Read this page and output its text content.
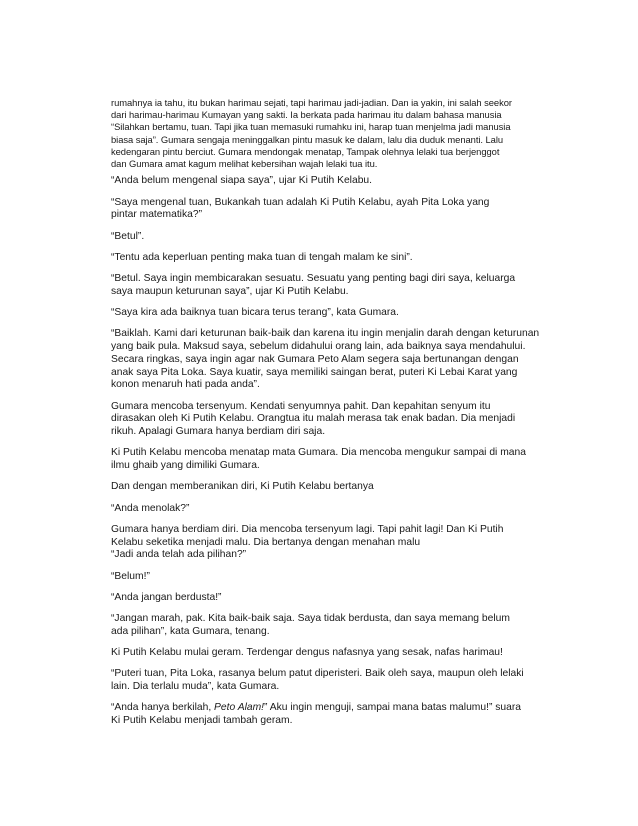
rumahnya ia tahu, itu bukan harimau sejati, tapi harimau jadi-jadian. Dan ia yakin, ini salah seekor

dari harimau-harimau Kumayan yang sakti. Ia berkata pada harimau itu dalam bahasa manusia

“Silahkan bertamu, tuan. Tapi jika tuan memasuki rumahku ini, harap tuan menjelma jadi manusia

biasa saja”. Gumara sengaja meninggalkan pintu masuk ke dalam, lalu dia duduk menanti. Lalu

kedengaran pintu berciut. Gumara mendongak menatap, Tampak olehnya lelaki tua berjenggot

dan Gumara amat kagum melihat kebersihan wajah lelaki tua itu.

“Anda belum mengenal siapa saya”, ujar Ki Putih Kelabu.
“Saya mengenal tuan, Bukankah tuan adalah Ki Putih Kelabu, ayah Pita Loka yang
pintar matematika?”
“Betul”.
“Tentu ada keperluan penting maka tuan di tengah malam ke sini”.
“Betul. Saya ingin membicarakan sesuatu. Sesuatu yang penting bagi diri saya, keluarga
saya maupun keturunan saya”, ujar Ki Putih Kelabu.
“Saya kira ada baiknya tuan bicara terus terang”, kata Gumara.
“Baiklah. Kami dari keturunan baik-baik dan karena itu ingin menjalin darah dengan keturunan
yang baik pula. Maksud saya, sebelum didahului orang lain, ada baiknya saya mendahului.
Secara ringkas, saya ingin agar nak Gumara Peto Alam segera saja bertunangan dengan
anak saya Pita Loka. Saya kuatir, saya memiliki saingan berat, puteri Ki Lebai Karat yang
konon menaruh hati pada anda”.
Gumara mencoba tersenyum. Kendati senyumnya pahit. Dan kepahitan senyum itu
dirasakan oleh Ki Putih Kelabu. Orangtua itu malah merasa tak enak badan. Dia menjadi
rikuh. Apalagi Gumara hanya berdiam diri saja.
Ki Putih Kelabu mencoba menatap mata Gumara. Dia mencoba mengukur sampai di mana
ilmu ghaib yang dimiliki Gumara.
Dan dengan memberanikan diri, Ki Putih Kelabu bertanya
“Anda menolak?”
Gumara hanya berdiam diri. Dia mencoba tersenyum lagi. Tapi pahit lagi! Dan Ki Putih
Kelabu seketika menjadi malu. Dia bertanya dengan menahan malu
“Jadi anda telah ada pilihan?”
“Belum!”
“Anda jangan berdusta!”
“Jangan marah, pak. Kita baik-baik saja. Saya tidak berdusta, dan saya memang belum
ada pilihan”, kata Gumara, tenang.
Ki Putih Kelabu mulai geram. Terdengar dengus nafasnya yang sesak, nafas harimau!
“Puteri tuan, Pita Loka, rasanya belum patut diperisteri. Baik oleh saya, maupun oleh lelaki
lain. Dia terlalu muda”, kata Gumara.
“Anda hanya berkilah, Peto Alam!” Aku ingin menguji, sampai mana batas malumu!” suara
Ki Putih Kelabu menjadi tambah geram.
